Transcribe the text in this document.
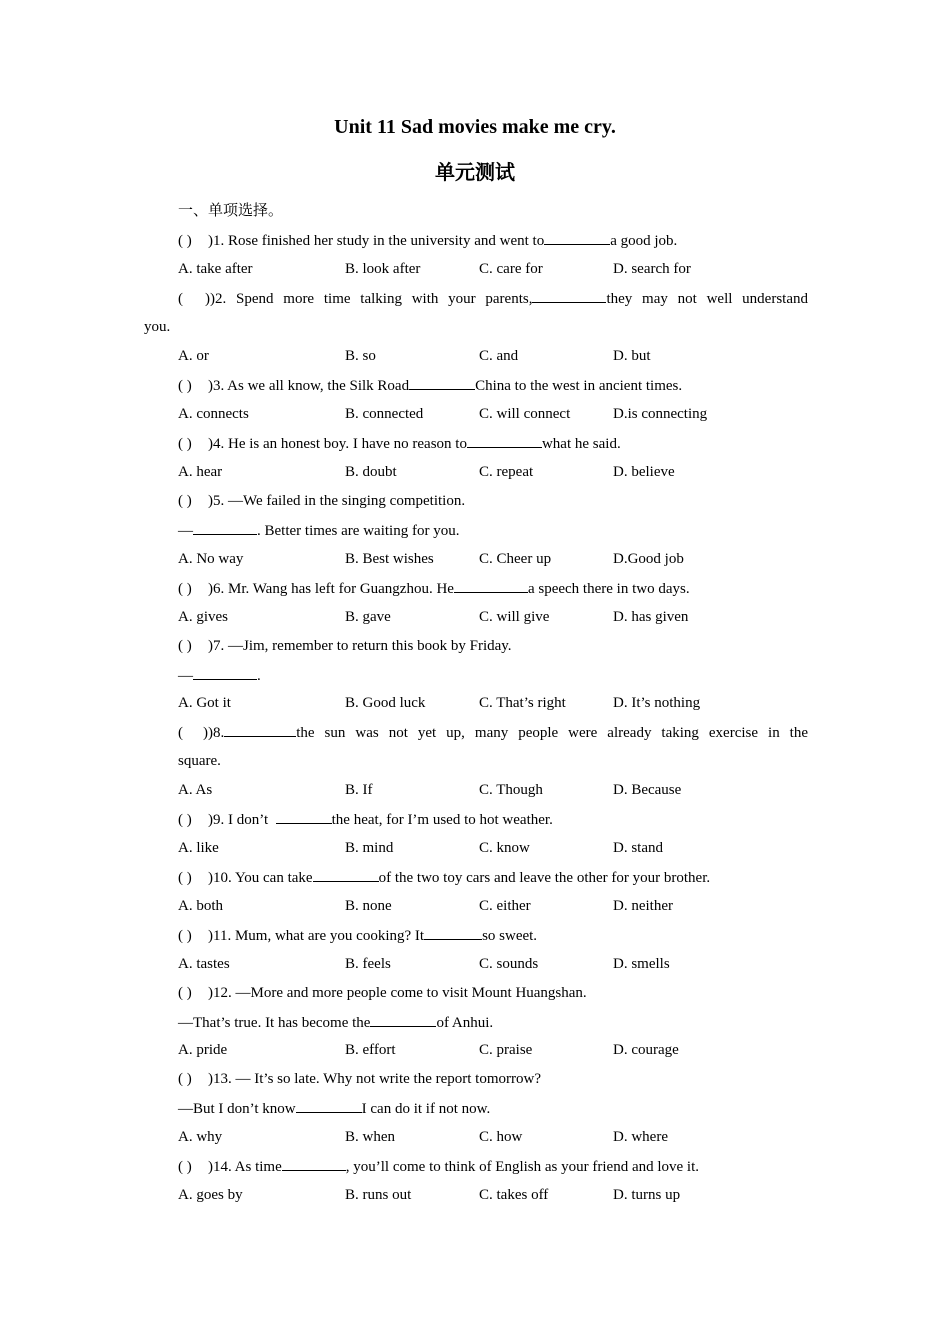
Unit 11 Sad movies make me cry.
单元测试
一、单项选择。
( ) )1. Rose finished her study in the university and went to	a good job.
A. take after	B. look after	C. care for	D. search for
( ))2. Spend more time talking with your parents,	they may not well understand
you.
A. or	B. so	C. and	D. but
( ) )3. As we all know, the Silk Road	China to the west in ancient times.
A. connects	B. connected	C. will connect	D.is connecting
( ) )4. He is an honest boy. I have no reason to	what he said.
A. hear	B. doubt	C. repeat	D. believe
( ) )5. —We failed in the singing competition.
—	. Better times are waiting for you.
A. No way	B. Best wishes	C. Cheer up	D.Good job
( ) )6. Mr. Wang has left for Guangzhou. He	a speech there in two days.
A. gives	B. gave	C. will give	D. has given
( ) )7. —Jim, remember to return this book by Friday.
—	.
A. Got it	B. Good luck	C. That’s right	D. It’s nothing
( ))8.	the sun was not yet up, many people were already taking exercise in the
square.
A. As	B. If	C. Though	D. Because
( ) )9. I don’t	the heat, for I’m used to hot weather.
A. like	B. mind	C. know	D. stand
( ) )10. You can take	of the two toy cars and leave the other for your brother.
A. both	B. none	C. either	D. neither
( ) )11. Mum, what are you cooking? It	so sweet.
A. tastes	B. feels	C. sounds	D. smells
( ) )12. —More and more people come to visit Mount Huangshan.
—That’s true. It has become the	of Anhui.
A. pride	B. effort	C. praise	D. courage
( ) )13. — It’s so late. Why not write the report tomorrow?
—But I don’t know	I can do it if not now.
A. why	B. when	C. how	D. where
( ) )14. As time	, you’ll come to think of English as your friend and love it.
A. goes by	B. runs out	C. takes off	D. turns up
